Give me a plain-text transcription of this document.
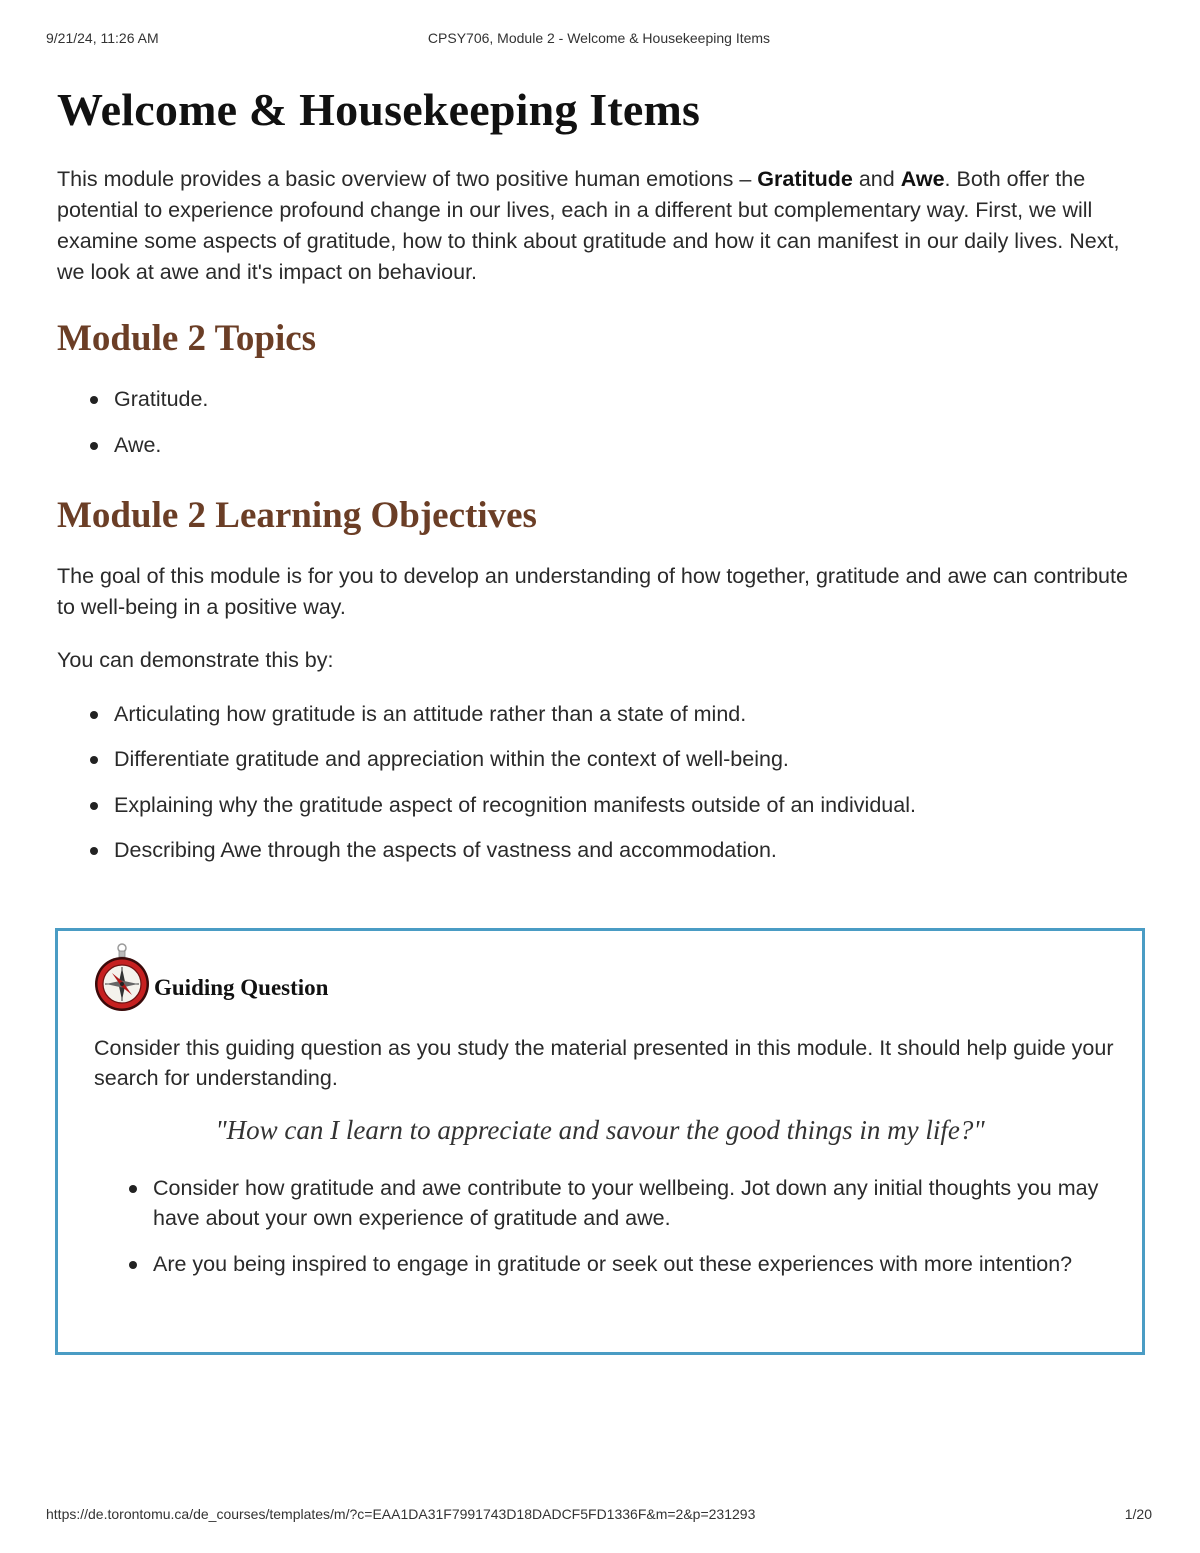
9/21/24, 11:26 AM	CPSY706, Module 2 - Welcome & Housekeeping Items
Welcome & Housekeeping Items

This module provides a basic overview of two positive human emotions – Gratitude and Awe. Both offer the potential to experience profound change in our lives, each in a different but complementary way. First, we will examine some aspects of gratitude, how to think about gratitude and how it can manifest in our daily lives. Next, we look at awe and it's impact on behaviour.

Module 2 Topics
Gratitude.
Awe.
Module 2 Learning Objectives

The goal of this module is for you to develop an understanding of how together, gratitude and awe can contribute to well-being in a positive way.

You can demonstrate this by:

Articulating how gratitude is an attitude rather than a state of mind.
Differentiate gratitude and appreciation within the context of well-being.
Explaining why the gratitude aspect of recognition manifests outside of an individual.
Describing Awe through the aspects of vastness and accommodation.
Guiding Question

Consider this guiding question as you study the material presented in this module. It should help guide your search for understanding.

"How can I learn to appreciate and savour the good things in my life?"

Consider how gratitude and awe contribute to your wellbeing. Jot down any initial thoughts you may have about your own experience of gratitude and awe.
Are you being inspired to engage in gratitude or seek out these experiences with more intention?
https://de.torontomu.ca/de_courses/templates/m/?c=EAA1DA31F7991743D18DADCF5FD1336F&m=2&p=231293	1/20
